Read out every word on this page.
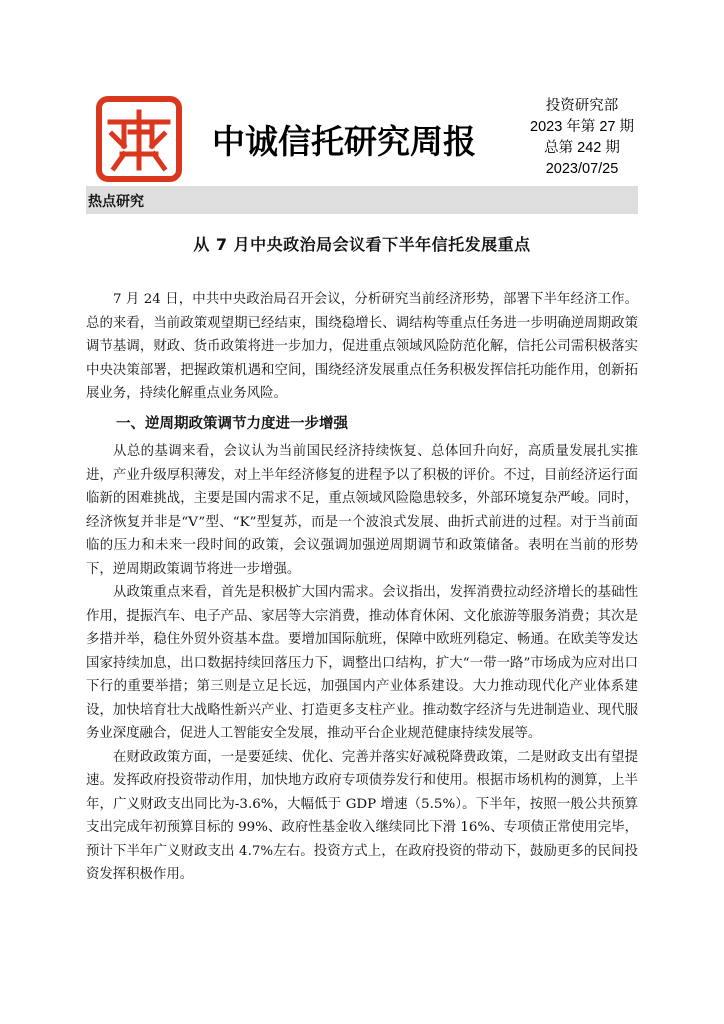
中诚信托研究周报
投资研究部
2023 年第 27 期
总第 242 期
2023/07/25
热点研究
从 7 月中央政治局会议看下半年信托发展重点

7 月 24 日，中共中央政治局召开会议，分析研究当前经济形势，部署下半年经济工作。总的来看，当前政策观望期已经结束，围绕稳增长、调结构等重点任务进一步明确逆周期政策调节基调，财政、货币政策将进一步加力，促进重点领域风险防范化解，信托公司需积极落实中央决策部署，把握政策机遇和空间，围绕经济发展重点任务积极发挥信托功能作用，创新拓展业务，持续化解重点业务风险。

一、逆周期政策调节力度进一步增强

从总的基调来看，会议认为当前国民经济持续恢复、总体回升向好，高质量发展扎实推进，产业升级厚积薄发，对上半年经济修复的进程予以了积极的评价。不过，目前经济运行面临新的困难挑战，主要是国内需求不足，重点领域风险隐患较多，外部环境复杂严峻。同时，经济恢复并非是“V”型、“K”型复苏，而是一个波浪式发展、曲折式前进的过程。对于当前面临的压力和未来一段时间的政策，会议强调加强逆周期调节和政策储备。表明在当前的形势下，逆周期政策调节将进一步增强。

从政策重点来看，首先是积极扩大国内需求。会议指出，发挥消费拉动经济增长的基础性作用，提振汽车、电子产品、家居等大宗消费，推动体育休闲、文化旅游等服务消费；其次是多措并举，稳住外贸外资基本盘。要增加国际航班，保障中欧班列稳定、畅通。在欧美等发达国家持续加息，出口数据持续回落压力下，调整出口结构，扩大“一带一路”市场成为应对出口下行的重要举措；第三则是立足长远，加强国内产业体系建设。大力推动现代化产业体系建设，加快培育壮大战略性新兴产业、打造更多支柱产业。推动数字经济与先进制造业、现代服务业深度融合，促进人工智能安全发展，推动平台企业规范健康持续发展等。

在财政政策方面，一是要延续、优化、完善并落实好减税降费政策，二是财政支出有望提速。发挥政府投资带动作用，加快地方政府专项债券发行和使用。根据市场机构的测算，上半年，广义财政支出同比为-3.6%，大幅低于 GDP 增速（5.5%）。下半年，按照一般公共预算支出完成年初预算目标的 99%、政府性基金收入继续同比下滑 16%、专项债正常使用完毕，预计下半年广义财政支出 4.7%左右。投资方式上，在政府投资的带动下，鼓励更多的民间投资发挥积极作用。
